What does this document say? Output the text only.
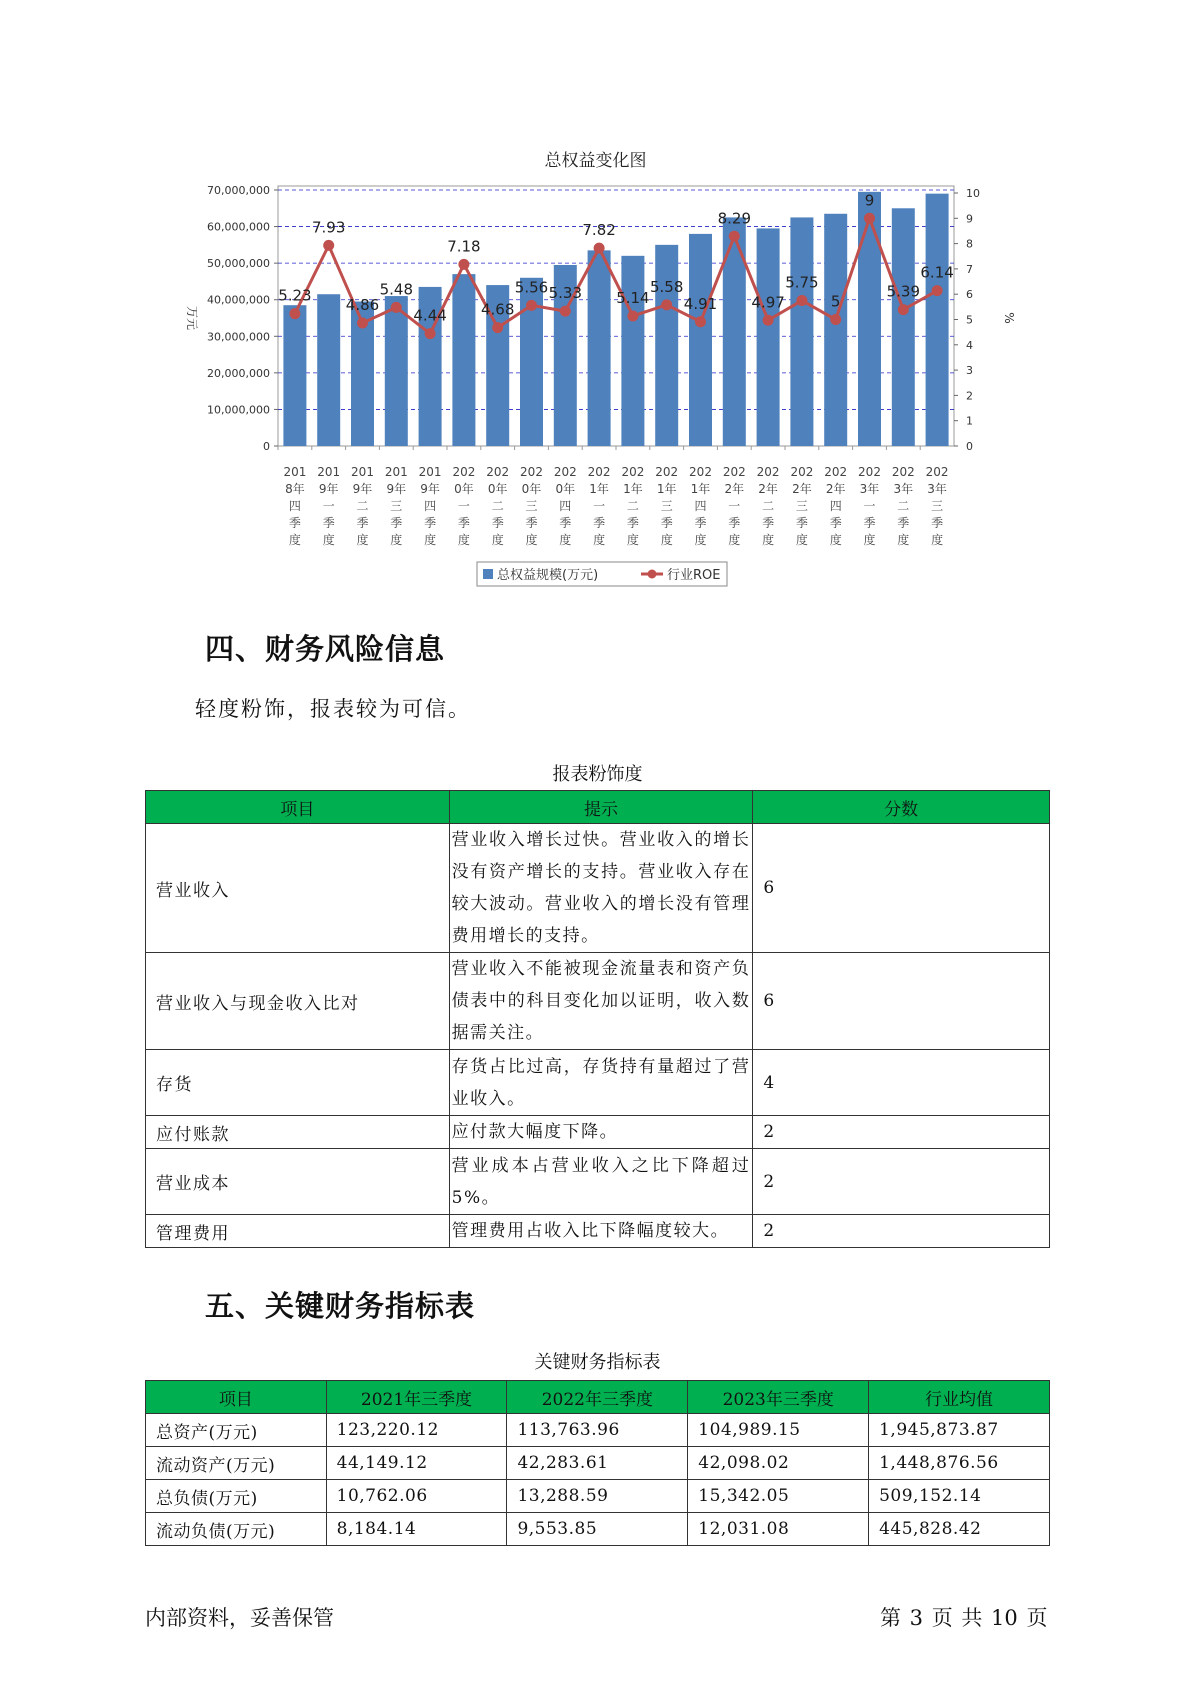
总权益变化图
0
10,000,000
20,000,000
30,000,000
40,000,000
50,000,000
60,000,000
70,000,000
0
1
2
3
4
5
6
7
8
9
10
万元	%
201 8年四季度
201 9年一季度
201 9年二季度
201 9年三季度
201 9年四季度
202 0年一季度
202 0年二季度
202 0年三季度
202 0年四季度
202 1年一季度
202 1年二季度
202 1年三季度
202 1年四季度
202 2年一季度
202 2年二季度
202 2年三季度
202 2年四季度
202 3年一季度
202 3年二季度
202 3年三季度
5.23
7.93
4.86
5.48
4.44
7.18
4.68
5.56 5.33
7.82
5.14
5.58
4.91
8.29
4.97
5.75
5
9
5.39
6.14
总权益规模(万元)	行业ROE
四、财务风险信息
轻度粉饰，报表较为可信。
报表粉饰度
项目	提示	分数
营业收入	营业收入增长过快。营业收入的增长没有资产增长的支持。营业收入存在较大波动。营业收入的增长没有管理费用增长的支持。	6
营业收入与现金收入比对	营业收入不能被现金流量表和资产负债表中的科目变化加以证明，收入数据需关注。	6
存货	存货占比过高，存货持有量超过了营业收入。	4
应付账款	应付款大幅度下降。	2
营业成本	营业成本占营业收入之比下降超过5%。	2
管理费用	管理费用占收入比下降幅度较大。	2
五、关键财务指标表
关键财务指标表
项目	2021年三季度	2022年三季度	2023年三季度	行业均值
总资产(万元)	123,220.12	113,763.96	104,989.15	1,945,873.87
流动资产(万元)	44,149.12	42,283.61	42,098.02	1,448,876.56
总负债(万元)	10,762.06	13,288.59	15,342.05	509,152.14
流动负债(万元)	8,184.14	9,553.85	12,031.08	445,828.42
内部资料，妥善保管	第 3 页 共 10 页
